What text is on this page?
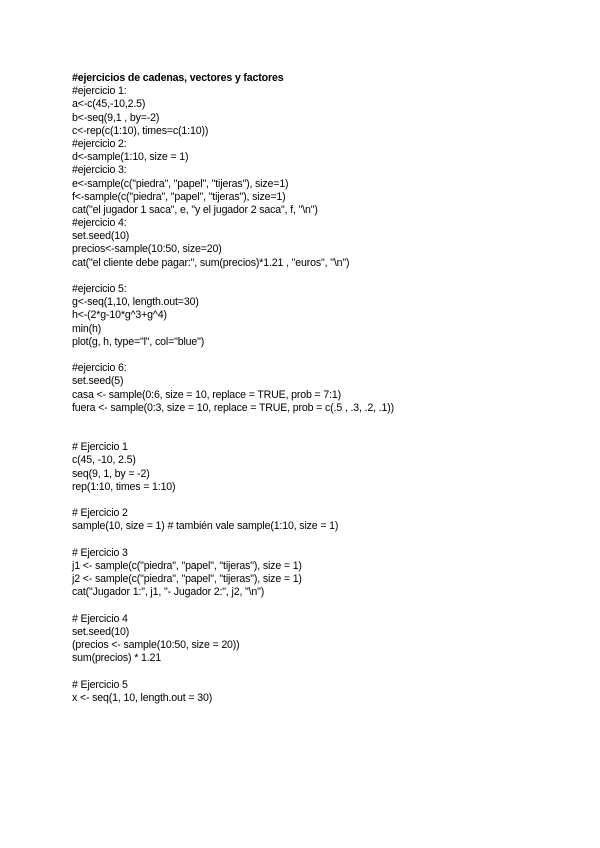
#ejercicios de cadenas, vectores y factores
#ejercicio 1:
a<-c(45,-10,2.5)
b<-seq(9,1 , by=-2)
c<-rep(c(1:10), times=c(1:10))
#ejercicio 2:
d<-sample(1:10, size = 1)
#ejercicio 3:
e<-sample(c("piedra", "papel", "tijeras"), size=1)
f<-sample(c("piedra", "papel", "tijeras"), size=1)
cat("el jugador 1 saca", e, "y el jugador 2 saca", f, "\n")
#ejercicio 4:
set.seed(10)
precios<-sample(10:50, size=20)
cat("el cliente debe pagar:", sum(precios)*1.21 , "euros", "\n")
#ejercicio 5:
g<-seq(1,10, length.out=30)
h<-(2*g-10*g^3+g^4)
min(h)
plot(g, h, type="l", col="blue")
#ejercicio 6:
set.seed(5)
casa <- sample(0:6, size = 10, replace = TRUE, prob = 7:1)
fuera <- sample(0:3, size = 10, replace = TRUE, prob = c(.5 , .3, .2, .1))
# Ejercicio 1
c(45, -10, 2.5)
seq(9, 1, by = -2)
rep(1:10, times = 1:10)
# Ejercicio 2
sample(10, size = 1) # también vale sample(1:10, size = 1)
# Ejercicio 3
j1 <- sample(c("piedra", "papel", "tijeras"), size = 1)
j2 <- sample(c("piedra", "papel", "tijeras"), size = 1)
cat("Jugador 1:", j1, "- Jugador 2:", j2, "\n")
# Ejercicio 4
set.seed(10)
(precios <- sample(10:50, size = 20))
sum(precios) * 1.21
# Ejercicio 5
x <- seq(1, 10, length.out = 30)
